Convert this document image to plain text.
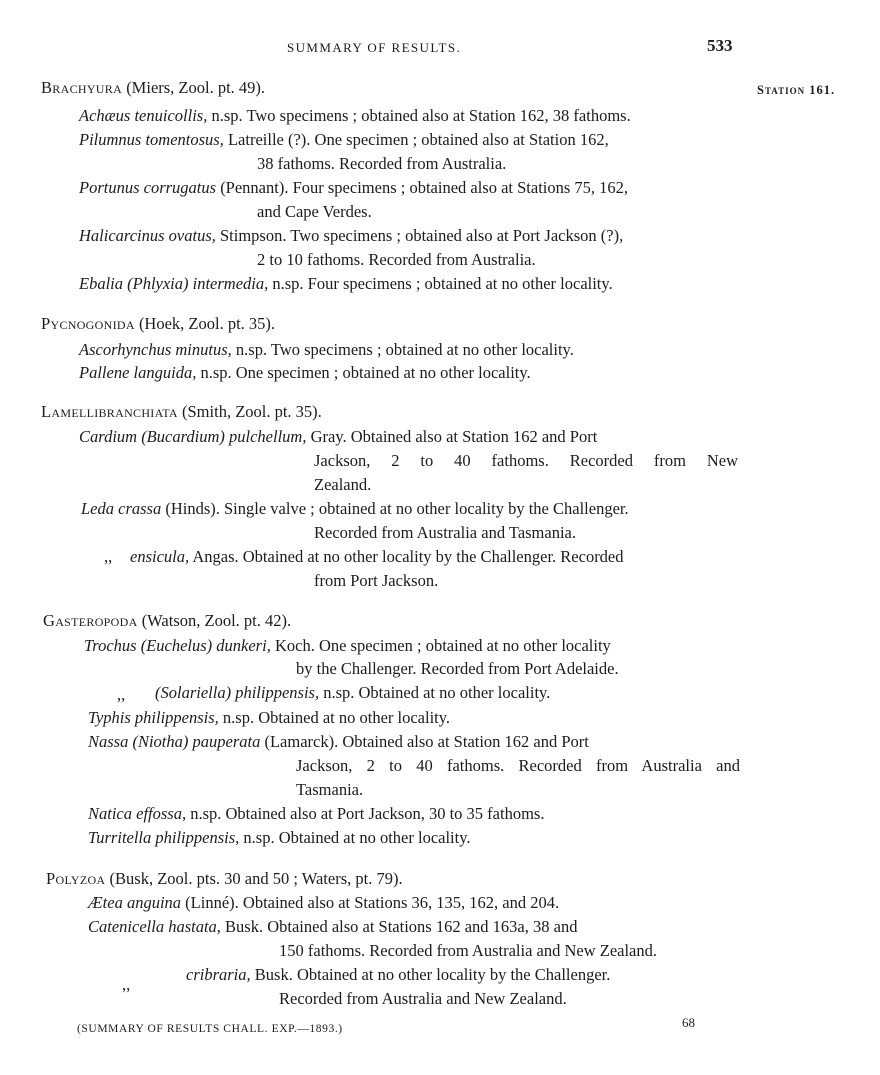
SUMMARY OF RESULTS.	533
Station 161.
Brachyura (Miers, Zool. pt. 49).
Achæus tenuicollis, n.sp. Two specimens ; obtained also at Station 162, 38 fathoms.
Pilumnus tomentosus, Latreille (?). One specimen ; obtained also at Station 162,
38 fathoms. Recorded from Australia.
Portunus corrugatus (Pennant). Four specimens ; obtained also at Stations 75, 162,
and Cape Verdes.
Halicarcinus ovatus, Stimpson. Two specimens ; obtained also at Port Jackson (?),
2 to 10 fathoms. Recorded from Australia.
Ebalia (Phlyxia) intermedia, n.sp. Four specimens ; obtained at no other locality.
Pycnogonida (Hoek, Zool. pt. 35).
Ascorhynchus minutus, n.sp. Two specimens ; obtained at no other locality.
Pallene languida, n.sp. One specimen ; obtained at no other locality.
Lamellibranchiata (Smith, Zool. pt. 35).
Cardium (Bucardium) pulchellum, Gray. Obtained also at Station 162 and Port
Jackson, 2 to 40 fathoms. Recorded from New
Zealand.
Leda crassa (Hinds). Single valve ; obtained at no other locality by the Challenger.
Recorded from Australia and Tasmania.
,, ensicula, Angas. Obtained at no other locality by the Challenger. Recorded
from Port Jackson.
Gasteropoda (Watson, Zool. pt. 42).
Trochus (Euchelus) dunkeri, Koch. One specimen ; obtained at no other locality
by the Challenger. Recorded from Port Adelaide.
,, (Solariella) philippensis, n.sp. Obtained at no other locality.
Typhis philippensis, n.sp. Obtained at no other locality.
Nassa (Niotha) pauperata (Lamarck). Obtained also at Station 162 and Port
Jackson, 2 to 40 fathoms. Recorded from Australia and
Tasmania.
Natica effossa, n.sp. Obtained also at Port Jackson, 30 to 35 fathoms.
Turritella philippensis, n.sp. Obtained at no other locality.
Polyzoa (Busk, Zool. pts. 30 and 50 ; Waters, pt. 79).
Ætea anguina (Linné). Obtained also at Stations 36, 135, 162, and 204.
Catenicella hastata, Busk. Obtained also at Stations 162 and 163a, 38 and
150 fathoms. Recorded from Australia and New Zealand.
,,
cribraria, Busk. Obtained at no other locality by the Challenger.
Recorded from Australia and New Zealand.
(SUMMARY OF RESULTS CHALL. EXP.—1893.)	68
